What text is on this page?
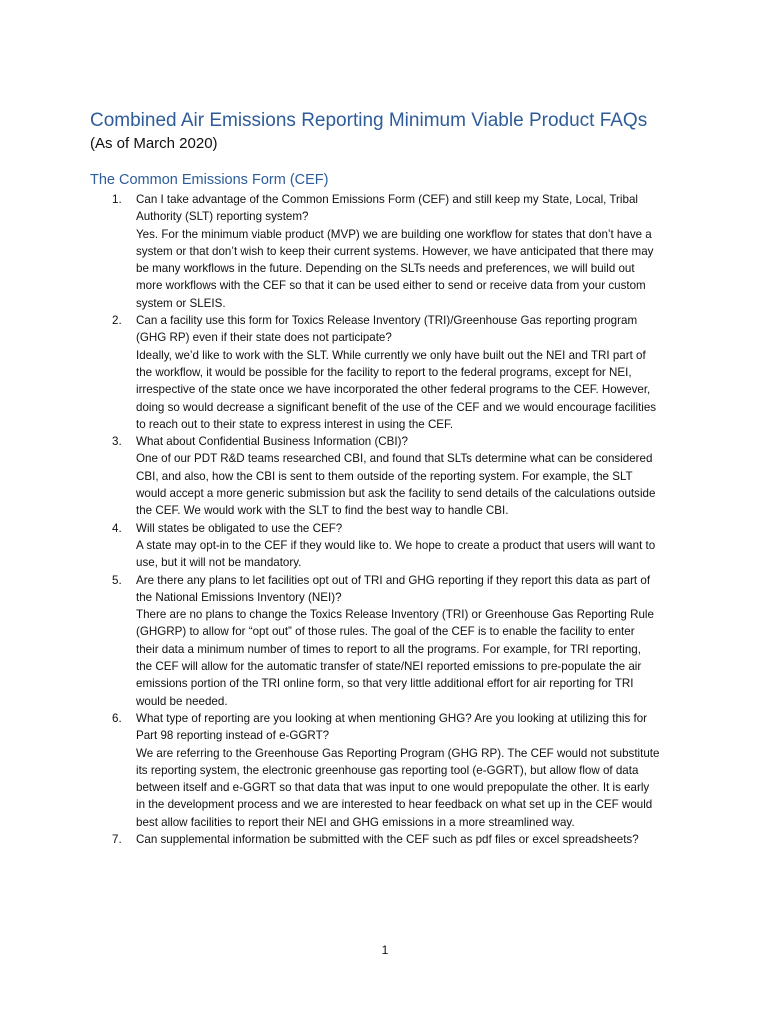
Combined Air Emissions Reporting Minimum Viable Product FAQs
(As of March 2020)
The Common Emissions Form (CEF)
1. Can I take advantage of the Common Emissions Form (CEF) and still keep my State, Local, Tribal Authority (SLT) reporting system?
Yes. For the minimum viable product (MVP) we are building one workflow for states that don’t have a system or that don’t wish to keep their current systems. However, we have anticipated that there may be many workflows in the future. Depending on the SLTs needs and preferences, we will build out more workflows with the CEF so that it can be used either to send or receive data from your custom system or SLEIS.
2. Can a facility use this form for Toxics Release Inventory (TRI)/Greenhouse Gas reporting program (GHG RP) even if their state does not participate?
Ideally, we’d like to work with the SLT. While currently we only have built out the NEI and TRI part of the workflow, it would be possible for the facility to report to the federal programs, except for NEI, irrespective of the state once we have incorporated the other federal programs to the CEF. However, doing so would decrease a significant benefit of the use of the CEF and we would encourage facilities to reach out to their state to express interest in using the CEF.
3. What about Confidential Business Information (CBI)?
One of our PDT R&D teams researched CBI, and found that SLTs determine what can be considered CBI, and also, how the CBI is sent to them outside of the reporting system. For example, the SLT would accept a more generic submission but ask the facility to send details of the calculations outside the CEF. We would work with the SLT to find the best way to handle CBI.
4. Will states be obligated to use the CEF?
A state may opt-in to the CEF if they would like to. We hope to create a product that users will want to use, but it will not be mandatory.
5. Are there any plans to let facilities opt out of TRI and GHG reporting if they report this data as part of the National Emissions Inventory (NEI)?
There are no plans to change the Toxics Release Inventory (TRI) or Greenhouse Gas Reporting Rule (GHGRP) to allow for “opt out” of those rules. The goal of the CEF is to enable the facility to enter their data a minimum number of times to report to all the programs. For example, for TRI reporting, the CEF will allow for the automatic transfer of state/NEI reported emissions to pre-populate the air emissions portion of the TRI online form, so that very little additional effort for air reporting for TRI would be needed.
6. What type of reporting are you looking at when mentioning GHG? Are you looking at utilizing this for Part 98 reporting instead of e-GGRT?
We are referring to the Greenhouse Gas Reporting Program (GHG RP). The CEF would not substitute its reporting system, the electronic greenhouse gas reporting tool (e-GGRT), but allow flow of data between itself and e-GGRT so that data that was input to one would prepopulate the other. It is early in the development process and we are interested to hear feedback on what set up in the CEF would best allow facilities to report their NEI and GHG emissions in a more streamlined way.
7. Can supplemental information be submitted with the CEF such as pdf files or excel spreadsheets?
1
